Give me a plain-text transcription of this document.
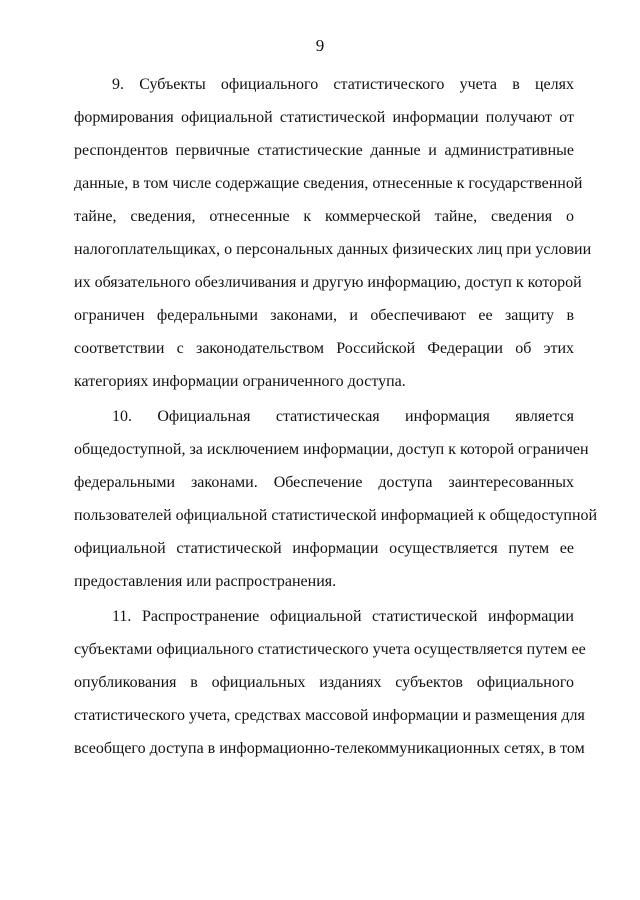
9
9. Субъекты официального статистического учета в целях
формирования официальной статистической информации получают от
респондентов первичные статистические данные и административные
данные, в том числе содержащие сведения, отнесенные к государственной
тайне, сведения, отнесенные к коммерческой тайне, сведения о
налогоплательщиках, о персональных данных физических лиц при условии
их обязательного обезличивания и другую информацию, доступ к которой
ограничен федеральными законами, и обеспечивают ее защиту в
соответствии с законодательством Российской Федерации об этих
категориях информации ограниченного доступа.
10. Официальная статистическая информация является
общедоступной, за исключением информации, доступ к которой ограничен
федеральными законами. Обеспечение доступа заинтересованных
пользователей официальной статистической информацией к общедоступной
официальной статистической информации осуществляется путем ее
предоставления или распространения.
11. Распространение официальной статистической информации
субъектами официального статистического учета осуществляется путем ее
опубликования в официальных изданиях субъектов официального
статистического учета, средствах массовой информации и размещения для
всеобщего доступа в информационно-телекоммуникационных сетях, в том
